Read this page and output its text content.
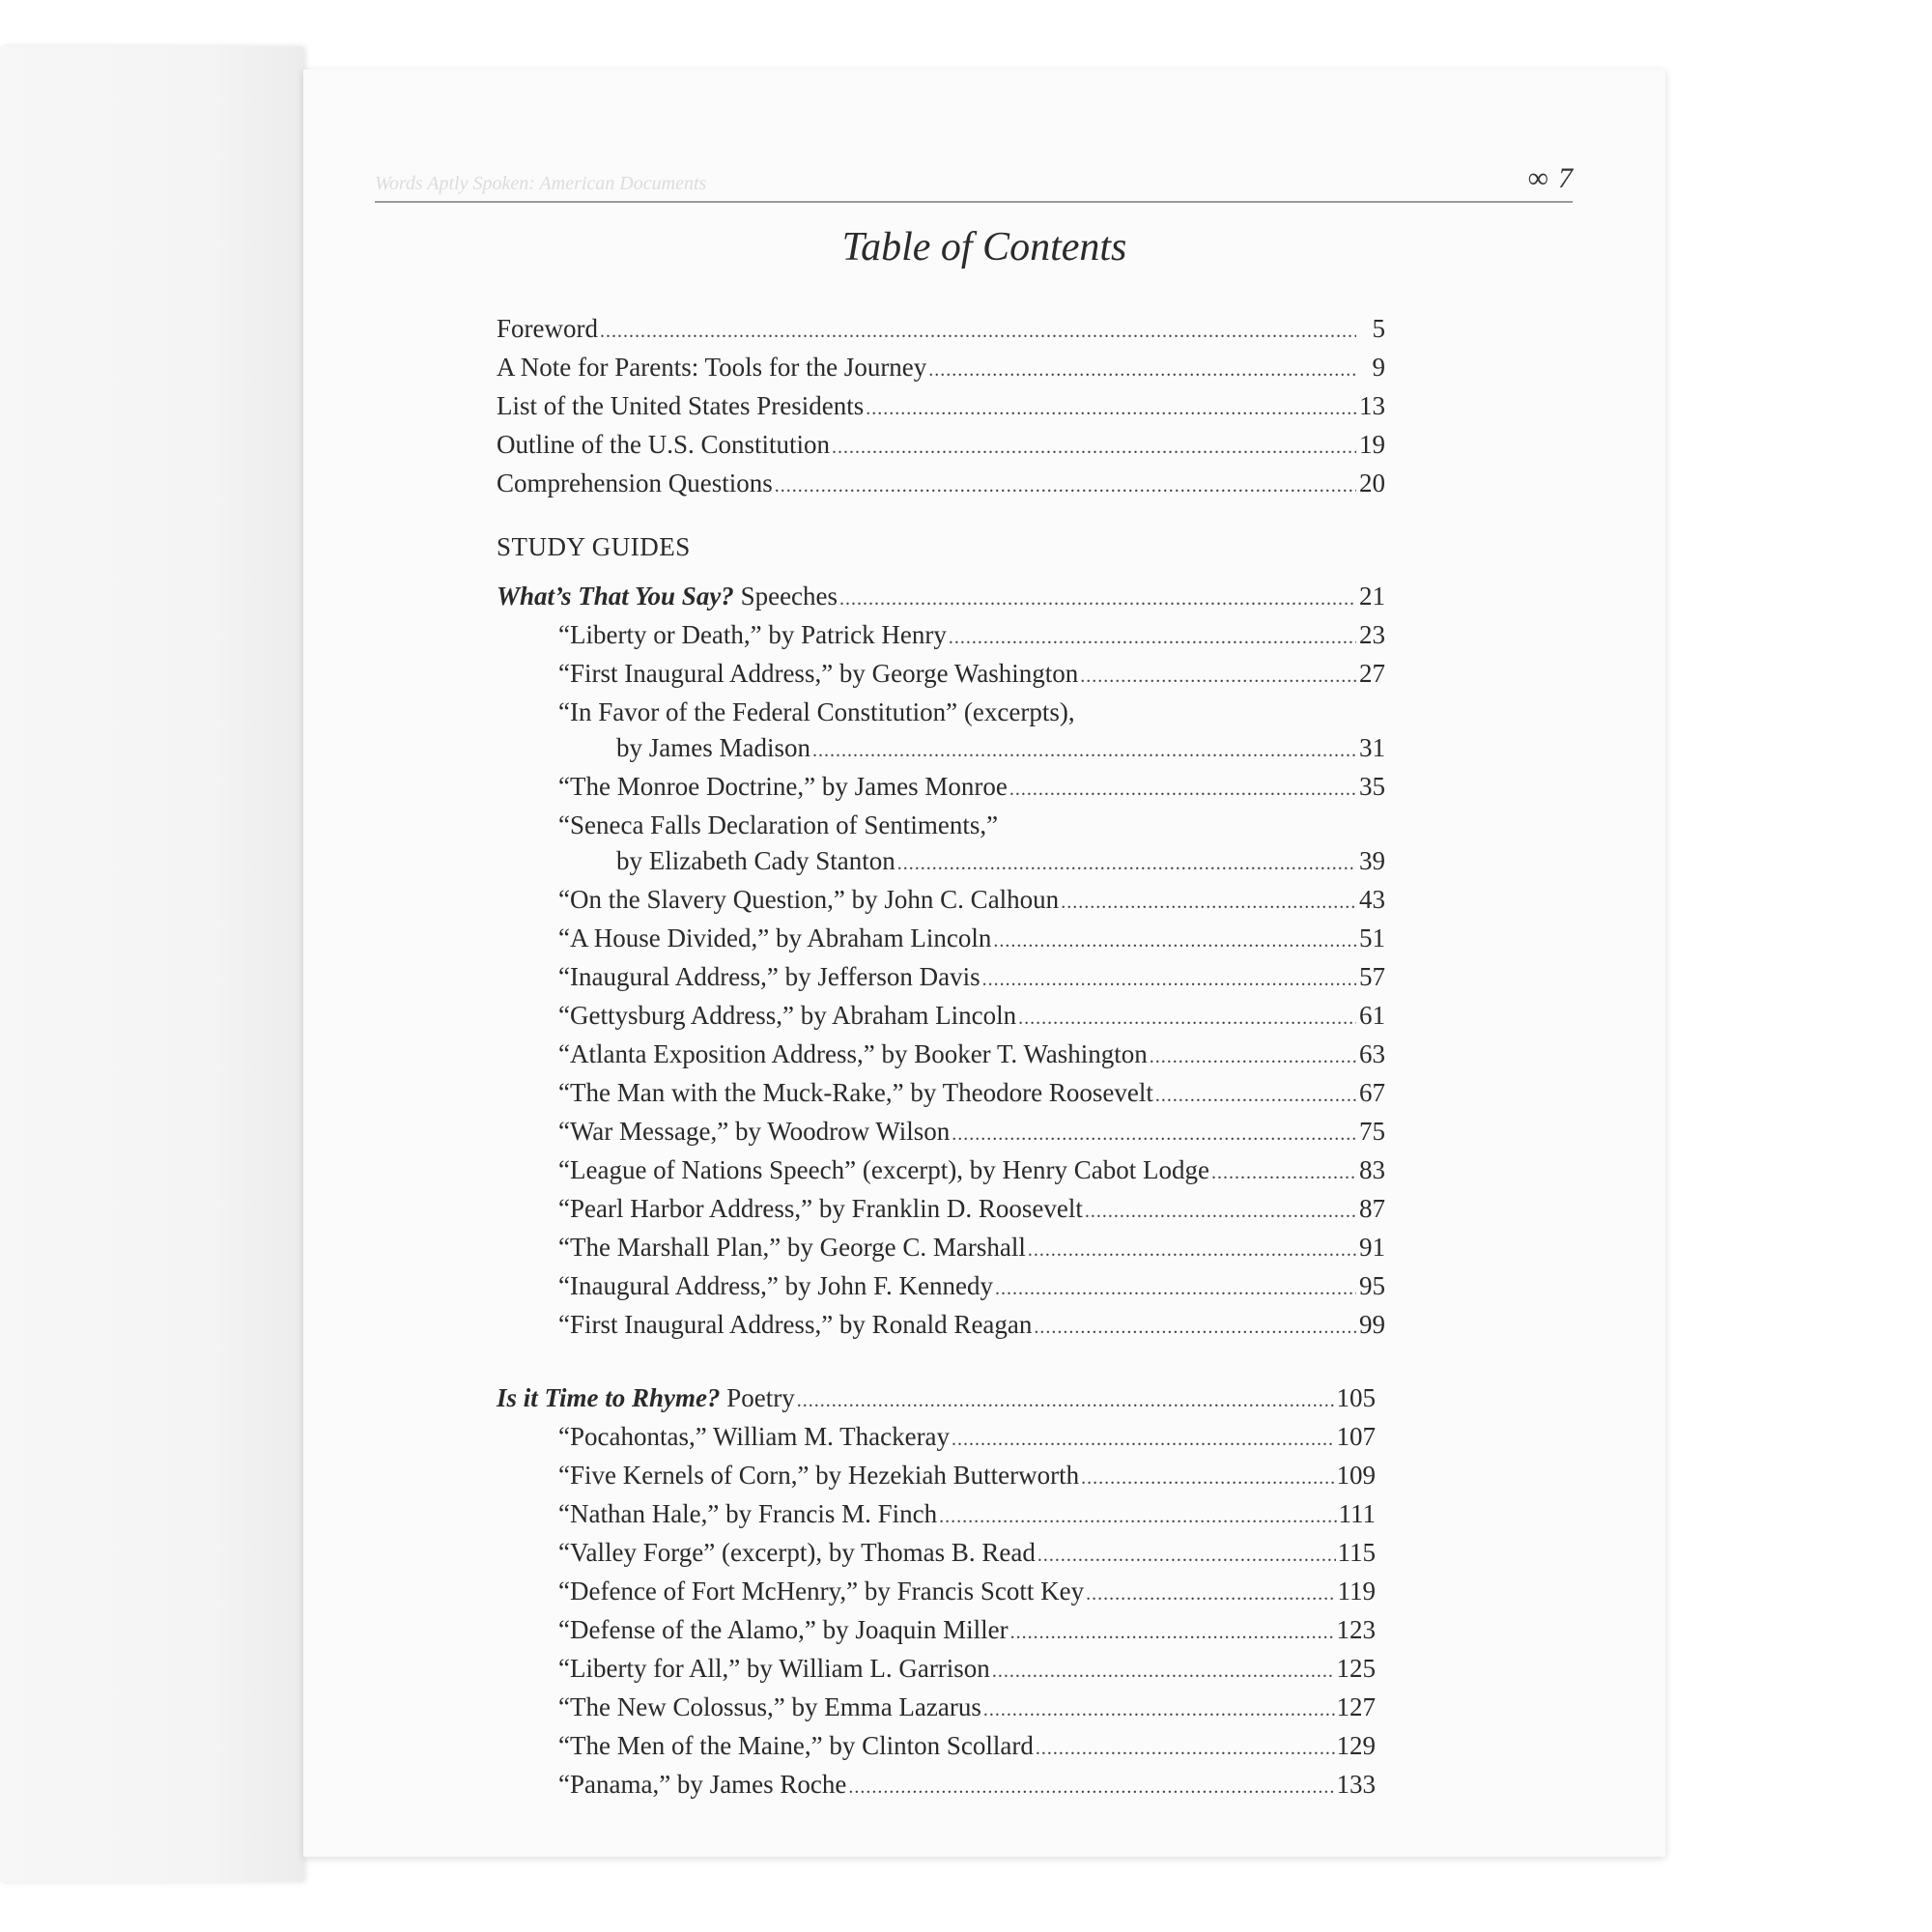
Words Aptly Spoken: American Documents	∞ 7
Table of Contents
Foreword .....	5
A Note for Parents: Tools for the Journey .....	9
List of the United States Presidents .....	13
Outline of the U.S. Constitution .....	19
Comprehension Questions .....	20
STUDY GUIDES
What’s That You Say? Speeches .....	21
“Liberty or Death,” by Patrick Henry .....	23
“First Inaugural Address,” by George Washington .....	27
“In Favor of the Federal Constitution” (excerpts),
by James Madison .....	31
“The Monroe Doctrine,” by James Monroe .....	35
“Seneca Falls Declaration of Sentiments,”
by Elizabeth Cady Stanton .....	39
“On the Slavery Question,” by John C. Calhoun .....	43
“A House Divided,” by Abraham Lincoln .....	51
“Inaugural Address,” by Jefferson Davis .....	57
“Gettysburg Address,” by Abraham Lincoln .....	61
“Atlanta Exposition Address,” by Booker T. Washington .....	63
“The Man with the Muck-Rake,” by Theodore Roosevelt .....	67
“War Message,” by Woodrow Wilson .....	75
“League of Nations Speech” (excerpt), by Henry Cabot Lodge .....	83
“Pearl Harbor Address,” by Franklin D. Roosevelt .....	87
“The Marshall Plan,” by George C. Marshall .....	91
“Inaugural Address,” by John F. Kennedy .....	95
“First Inaugural Address,” by Ronald Reagan .....	99
Is it Time to Rhyme? Poetry .....	105
“Pocahontas,” William M. Thackeray .....	107
“Five Kernels of Corn,” by Hezekiah Butterworth .....	109
“Nathan Hale,” by Francis M. Finch .....	111
“Valley Forge” (excerpt), by Thomas B. Read .....	115
“Defence of Fort McHenry,” by Francis Scott Key .....	119
“Defense of the Alamo,” by Joaquin Miller .....	123
“Liberty for All,” by William L. Garrison .....	125
“The New Colossus,” by Emma Lazarus .....	127
“The Men of the Maine,” by Clinton Scollard .....	129
“Panama,” by James Roche .....	133
